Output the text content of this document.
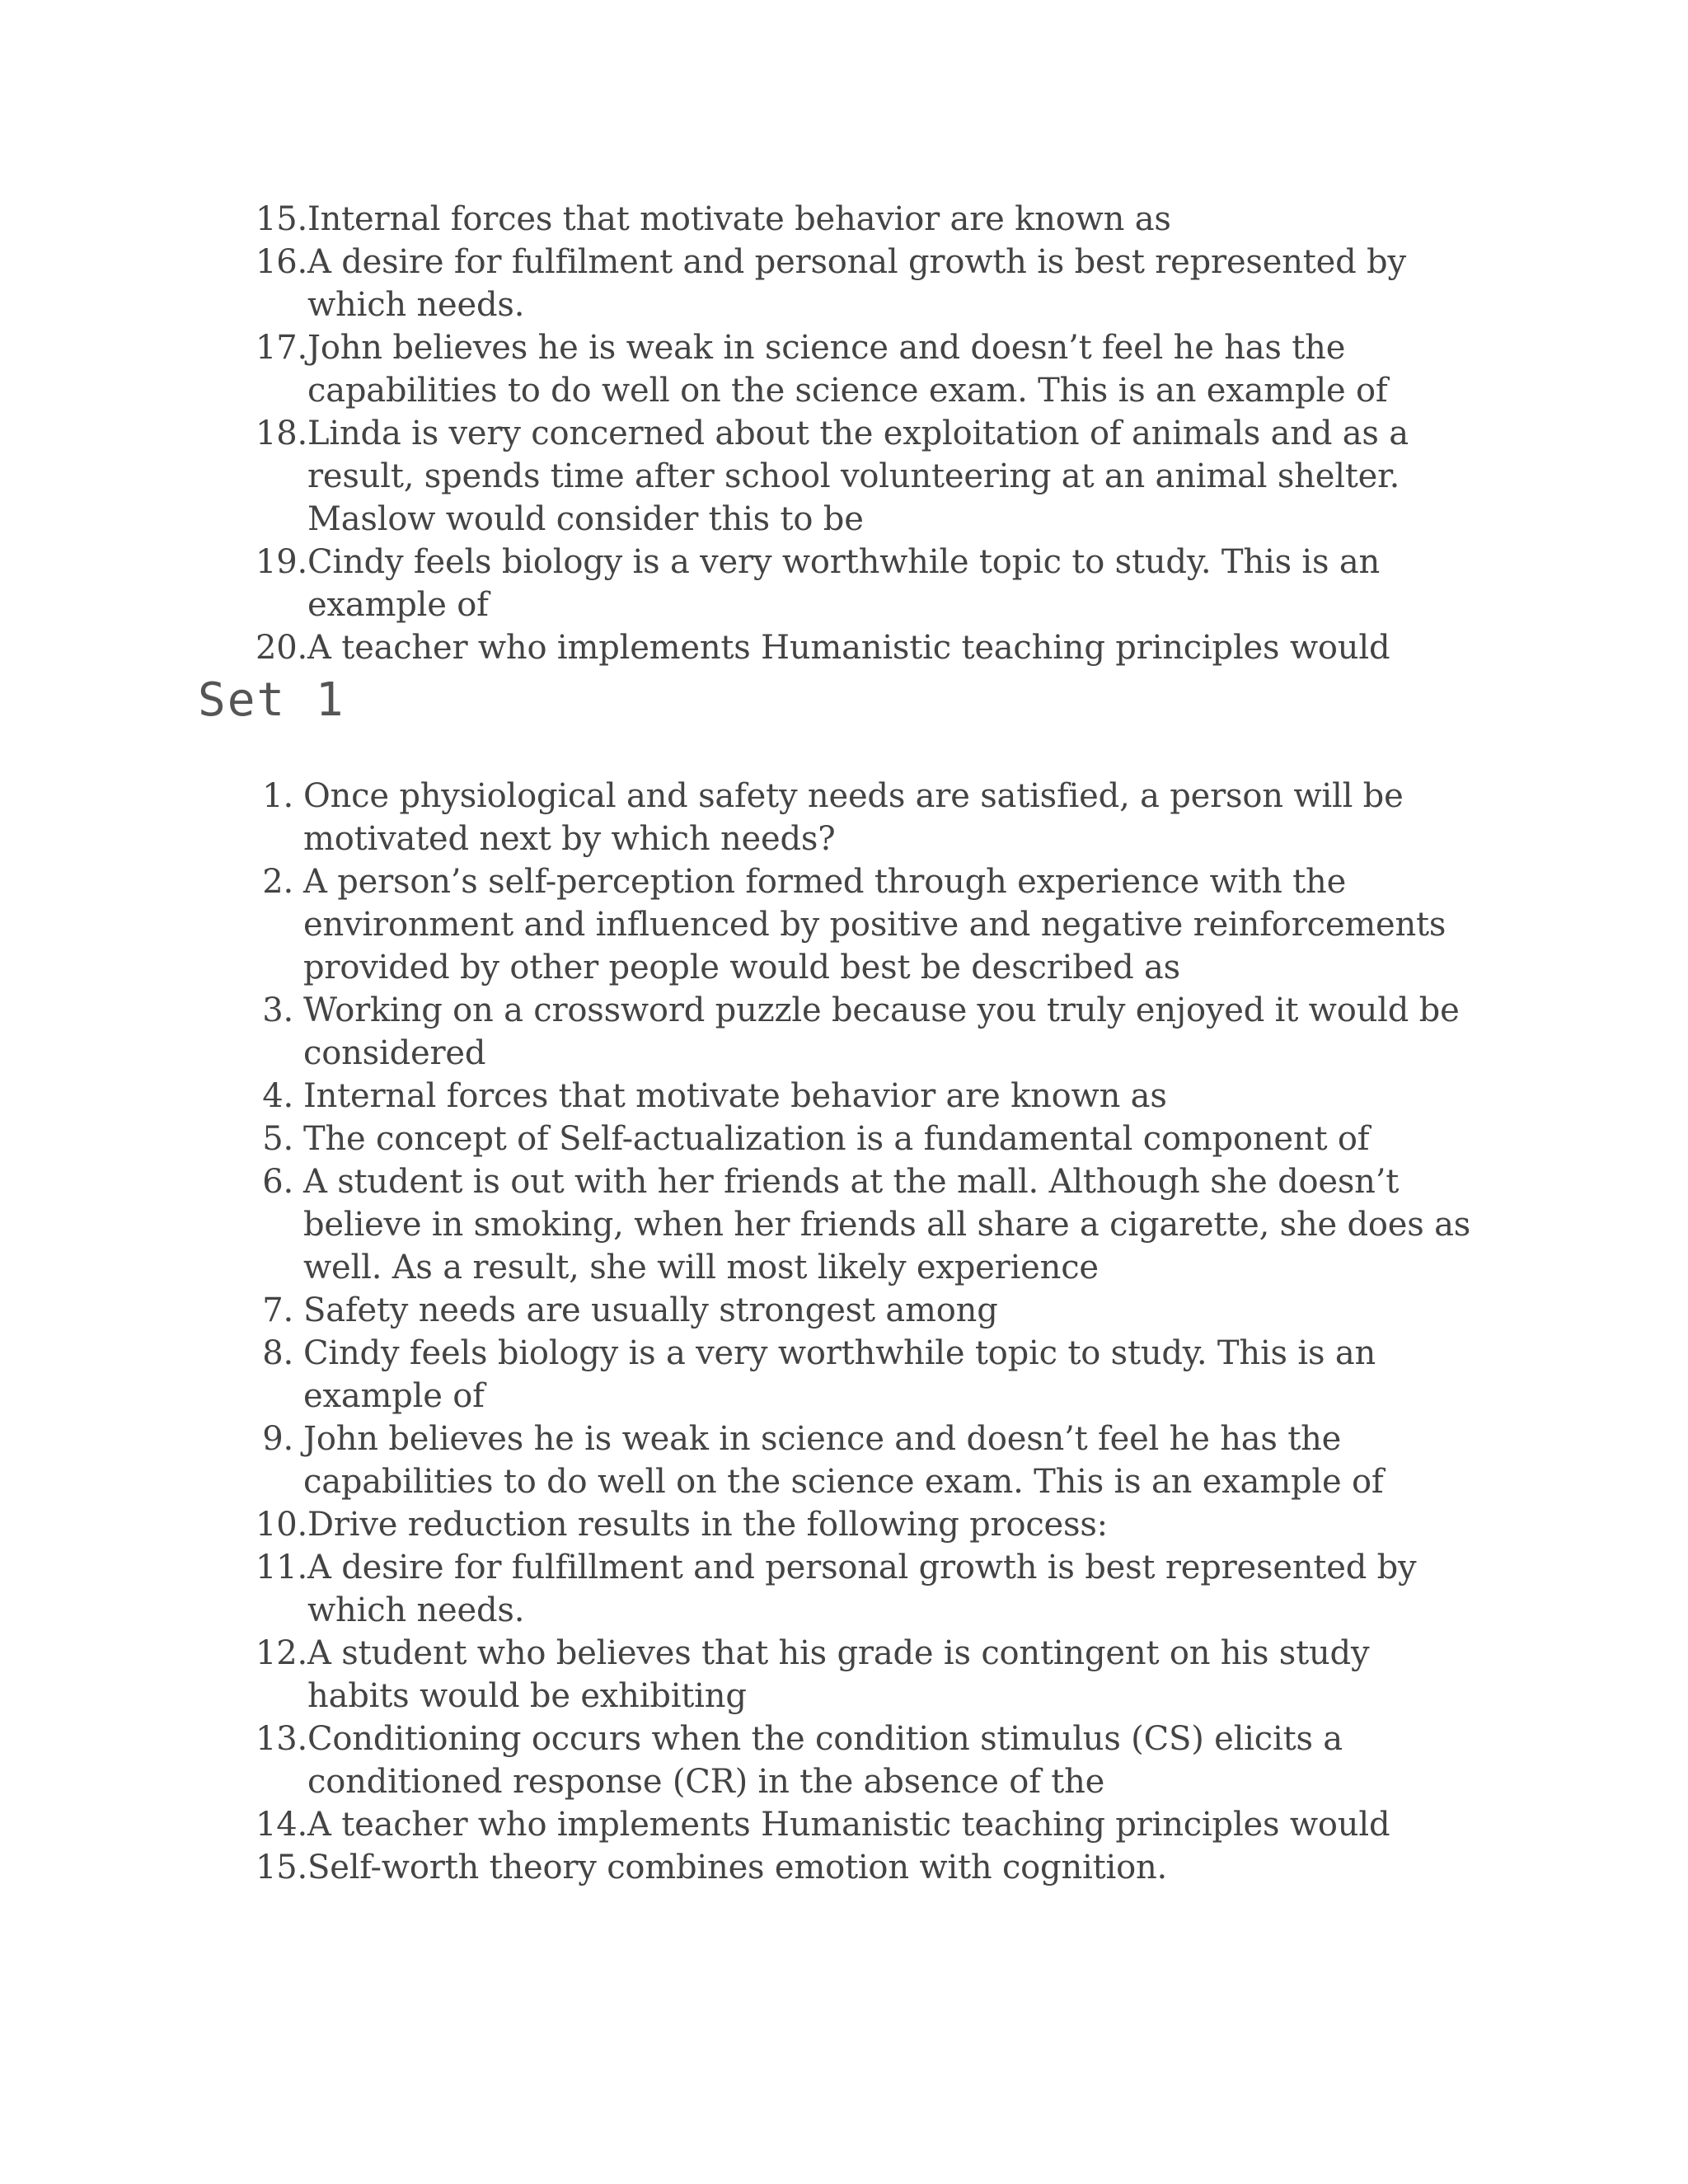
15. Internal forces that motivate behavior are known as
16. A desire for fulfilment and personal growth is best represented by which needs.
17. John believes he is weak in science and doesn’t feel he has the capabilities to do well on the science exam. This is an example of
18. Linda is very concerned about the exploitation of animals and as a result, spends time after school volunteering at an animal shelter. Maslow would consider this to be
19. Cindy feels biology is a very worthwhile topic to study. This is an example of
20. A teacher who implements Humanistic teaching principles would
Set 1
1. Once physiological and safety needs are satisfied, a person will be motivated next by which needs?
2. A person’s self-perception formed through experience with the environment and influenced by positive and negative reinforcements provided by other people would best be described as
3. Working on a crossword puzzle because you truly enjoyed it would be considered
4. Internal forces that motivate behavior are known as
5. The concept of Self-actualization is a fundamental component of
6. A student is out with her friends at the mall. Although she doesn’t believe in smoking, when her friends all share a cigarette, she does as well. As a result, she will most likely experience
7. Safety needs are usually strongest among
8. Cindy feels biology is a very worthwhile topic to study. This is an example of
9. John believes he is weak in science and doesn’t feel he has the capabilities to do well on the science exam. This is an example of
10. Drive reduction results in the following process:
11. A desire for fulfillment and personal growth is best represented by which needs.
12. A student who believes that his grade is contingent on his study habits would be exhibiting
13. Conditioning occurs when the condition stimulus (CS) elicits a conditioned response (CR) in the absence of the
14. A teacher who implements Humanistic teaching principles would
15. Self-worth theory combines emotion with cognition.
